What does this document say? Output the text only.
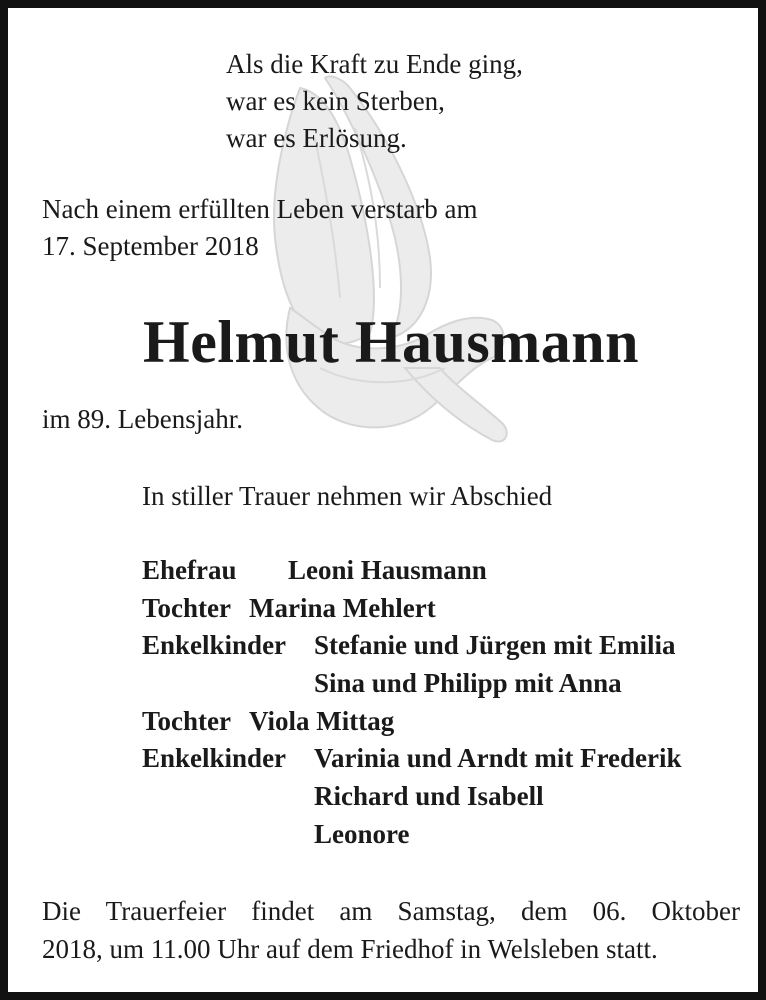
Als die Kraft zu Ende ging,
war es kein Sterben,
war es Erlösung.
Nach einem erfüllten Leben verstarb am
17. September 2018
Helmut Hausmann
im 89. Lebensjahr.
In stiller Trauer nehmen wir Abschied
Ehefrau Leoni Hausmann
Tochter Marina Mehlert
Enkelkinder Stefanie und Jürgen mit Emilia
Sina und Philipp mit Anna
Tochter Viola Mittag
Enkelkinder Varinia und Arndt mit Frederik
Richard und Isabell
Leonore
Die Trauerfeier findet am Samstag, dem 06. Oktober
2018, um 11.00 Uhr auf dem Friedhof in Welsleben statt.
